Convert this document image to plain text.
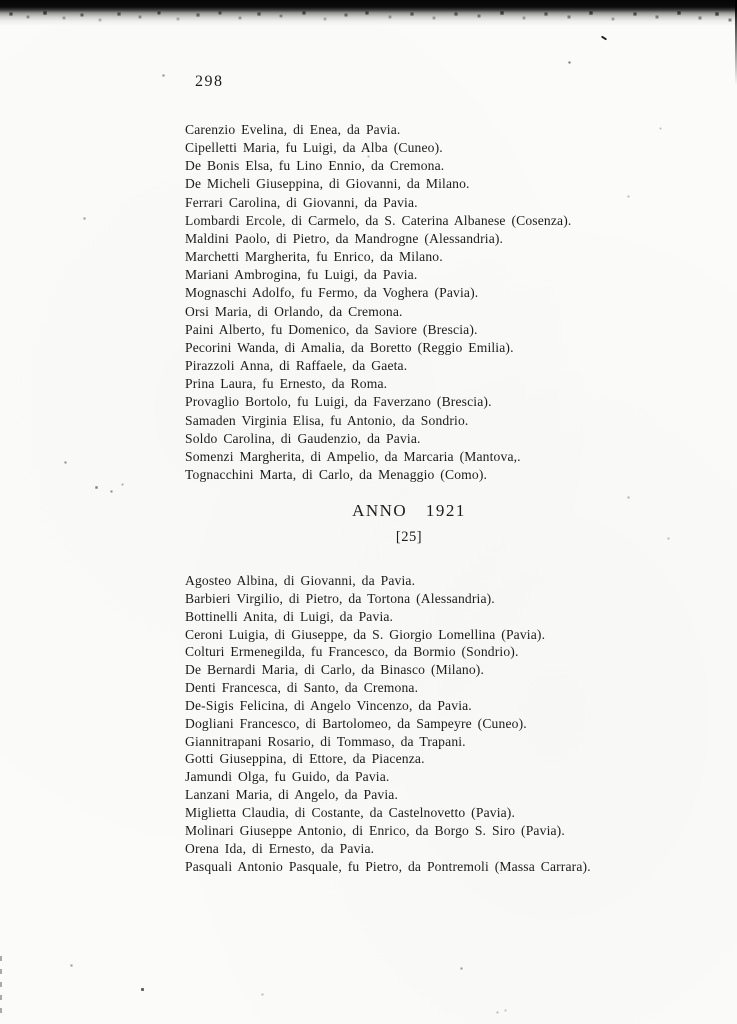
298

Carenzio Evelina, di Enea, da Pavia.

Cipelletti Maria, fu Luigi, da Alba (Cuneo).

De Bonis Elsa, fu Lino Ennio, da Cremona.

De Micheli Giuseppina, di Giovanni, da Milano.

Ferrari Carolina, di Giovanni, da Pavia.

Lombardi Ercole, di Carmelo, da S. Caterina Albanese (Cosenza).

Maldini Paolo, di Pietro, da Mandrogne (Alessandria).

Marchetti Margherita, fu Enrico, da Milano.

Mariani Ambrogina, fu Luigi, da Pavia.

Mognaschi Adolfo, fu Fermo, da Voghera (Pavia).

Orsi Maria, di Orlando, da Cremona.

Paini Alberto, fu Domenico, da Saviore (Brescia).

Pecorini Wanda, di Amalia, da Boretto (Reggio Emilia).

Pirazzoli Anna, di Raffaele, da Gaeta.

Prina Laura, fu Ernesto, da Roma.

Provaglio Bortolo, fu Luigi, da Faverzano (Brescia).

Samaden Virginia Elisa, fu Antonio, da Sondrio.

Soldo Carolina, di Gaudenzio, da Pavia.

Somenzi Margherita, di Ampelio, da Marcaria (Mantova,.

Tognacchini Marta, di Carlo, da Menaggio (Como).

ANNO 1921
[25]

Agosteo Albina, di Giovanni, da Pavia.

Barbieri Virgilio, di Pietro, da Tortona (Alessandria).

Bottinelli Anita, di Luigi, da Pavia.

Ceroni Luigia, di Giuseppe, da S. Giorgio Lomellina (Pavia).

Colturi Ermenegilda, fu Francesco, da Bormio (Sondrio).

De Bernardi Maria, di Carlo, da Binasco (Milano).

Denti Francesca, di Santo, da Cremona.

De-Sigis Felicina, di Angelo Vincenzo, da Pavia.

Dogliani Francesco, di Bartolomeo, da Sampeyre (Cuneo).

Giannitrapani Rosario, di Tommaso, da Trapani.

Gotti Giuseppina, di Ettore, da Piacenza.

Jamundi Olga, fu Guido, da Pavia.

Lanzani Maria, di Angelo, da Pavia.

Miglietta Claudia, di Costante, da Castelnovetto (Pavia).

Molinari Giuseppe Antonio, di Enrico, da Borgo S. Siro (Pavia).

Orena Ida, di Ernesto, da Pavia.

Pasquali Antonio Pasquale, fu Pietro, da Pontremoli (Massa Carrara).
